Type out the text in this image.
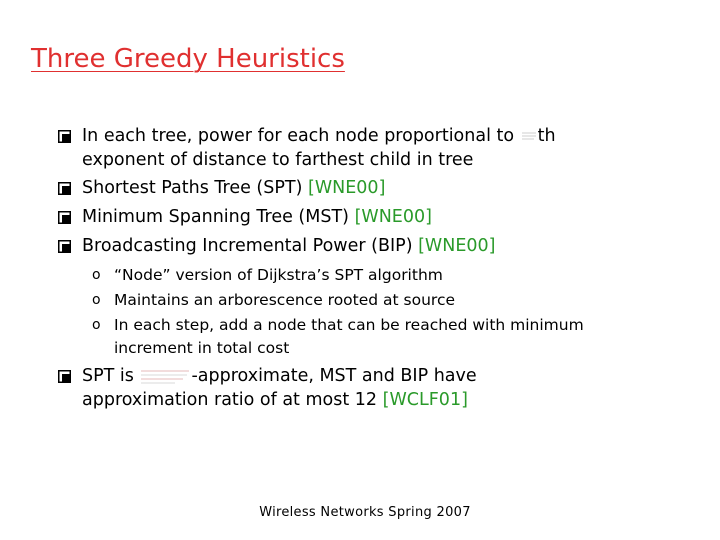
Three Greedy Heuristics
In each tree, power for each node proportional to th
exponent of distance to farthest child in tree
Shortest Paths Tree (SPT) [WNE00]
Minimum Spanning Tree (MST) [WNE00]
Broadcasting Incremental Power (BIP) [WNE00]
o “Node” version of Dijkstra’s SPT algorithm
o Maintains an arborescence rooted at source
o In each step, add a node that can be reached with minimum
increment in total cost
SPT is	-approximate, MST and BIP have
approximation ratio of at most 12 [WCLF01]
Wireless Networks Spring 2007
